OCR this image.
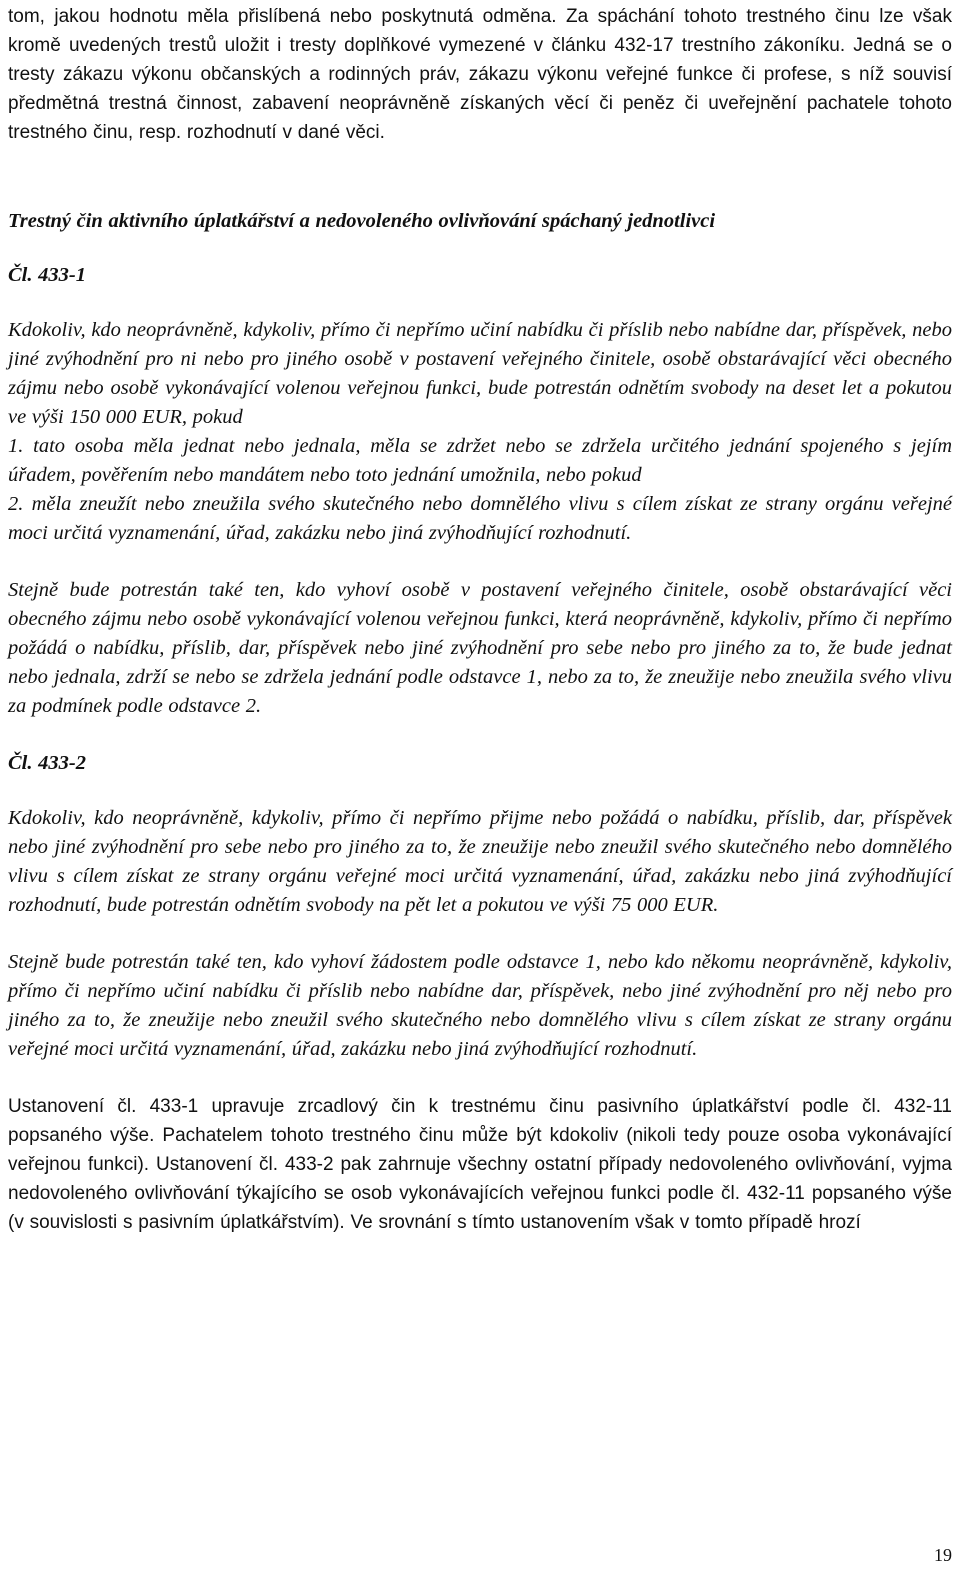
tom, jakou hodnotu měla přislíbená nebo poskytnutá odměna. Za spáchání tohoto trestného činu lze však kromě uvedených trestů uložit i tresty doplňkové vymezené v článku 432-17 trestního zákoníku. Jedná se o tresty zákazu výkonu občanských a rodinných práv, zákazu výkonu veřejné funkce či profese, s níž souvisí předmětná trestná činnost, zabavení neoprávněně získaných věcí či peněz či uveřejnění pachatele tohoto trestného činu, resp. rozhodnutí v dané věci.

Trestný čin aktivního úplatkářství a nedovoleného ovlivňování spáchaný jednotlivci

Čl. 433-1

Kdokoliv, kdo neoprávněně, kdykoliv, přímo či nepřímo učiní nabídku či příslib nebo nabídne dar, příspěvek, nebo jiné zvýhodnění pro ni nebo pro jiného osobě v postavení veřejného činitele, osobě obstarávající věci obecného zájmu nebo osobě vykonávající volenou veřejnou funkci, bude potrestán odnětím svobody na deset let a pokutou ve výši 150 000 EUR, pokud

1. tato osoba měla jednat nebo jednala, měla se zdržet nebo se zdržela určitého jednání spojeného s jejím úřadem, pověřením nebo mandátem nebo toto jednání umožnila, nebo pokud

2. měla zneužít nebo zneužila svého skutečného nebo domnělého vlivu s cílem získat ze strany orgánu veřejné moci určitá vyznamenání, úřad, zakázku nebo jiná zvýhodňující rozhodnutí.

Stejně bude potrestán také ten, kdo vyhoví osobě v postavení veřejného činitele, osobě obstarávající věci obecného zájmu nebo osobě vykonávající volenou veřejnou funkci, která neoprávněně, kdykoliv, přímo či nepřímo požádá o nabídku, příslib, dar, příspěvek nebo jiné zvýhodnění pro sebe nebo pro jiného za to, že bude jednat nebo jednala, zdrží se nebo se zdržela jednání podle odstavce 1, nebo za to, že zneužije nebo zneužila svého vlivu za podmínek podle odstavce 2.

Čl. 433-2

Kdokoliv, kdo neoprávněně, kdykoliv, přímo či nepřímo přijme nebo požádá o nabídku, příslib, dar, příspěvek nebo jiné zvýhodnění pro sebe nebo pro jiného za to, že zneužije nebo zneužil svého skutečného nebo domnělého vlivu s cílem získat ze strany orgánu veřejné moci určitá vyznamenání, úřad, zakázku nebo jiná zvýhodňující rozhodnutí, bude potrestán odnětím svobody na pět let a pokutou ve výši 75 000 EUR.

Stejně bude potrestán také ten, kdo vyhoví žádostem podle odstavce 1, nebo kdo někomu neoprávněně, kdykoliv, přímo či nepřímo učiní nabídku či příslib nebo nabídne dar, příspěvek, nebo jiné zvýhodnění pro něj nebo pro jiného za to, že zneužije nebo zneužil svého skutečného nebo domnělého vlivu s cílem získat ze strany orgánu veřejné moci určitá vyznamenání, úřad, zakázku nebo jiná zvýhodňující rozhodnutí.

Ustanovení čl. 433-1 upravuje zrcadlový čin k trestnému činu pasivního úplatkářství podle čl. 432-11 popsaného výše. Pachatelem tohoto trestného činu může být kdokoliv (nikoli tedy pouze osoba vykonávající veřejnou funkci). Ustanovení čl. 433-2 pak zahrnuje všechny ostatní případy nedovoleného ovlivňování, vyjma nedovoleného ovlivňování týkajícího se osob vykonávajících veřejnou funkci podle čl. 432-11 popsaného výše (v souvislosti s pasivním úplatkářstvím). Ve srovnání s tímto ustanovením však v tomto případě hrozí

19
